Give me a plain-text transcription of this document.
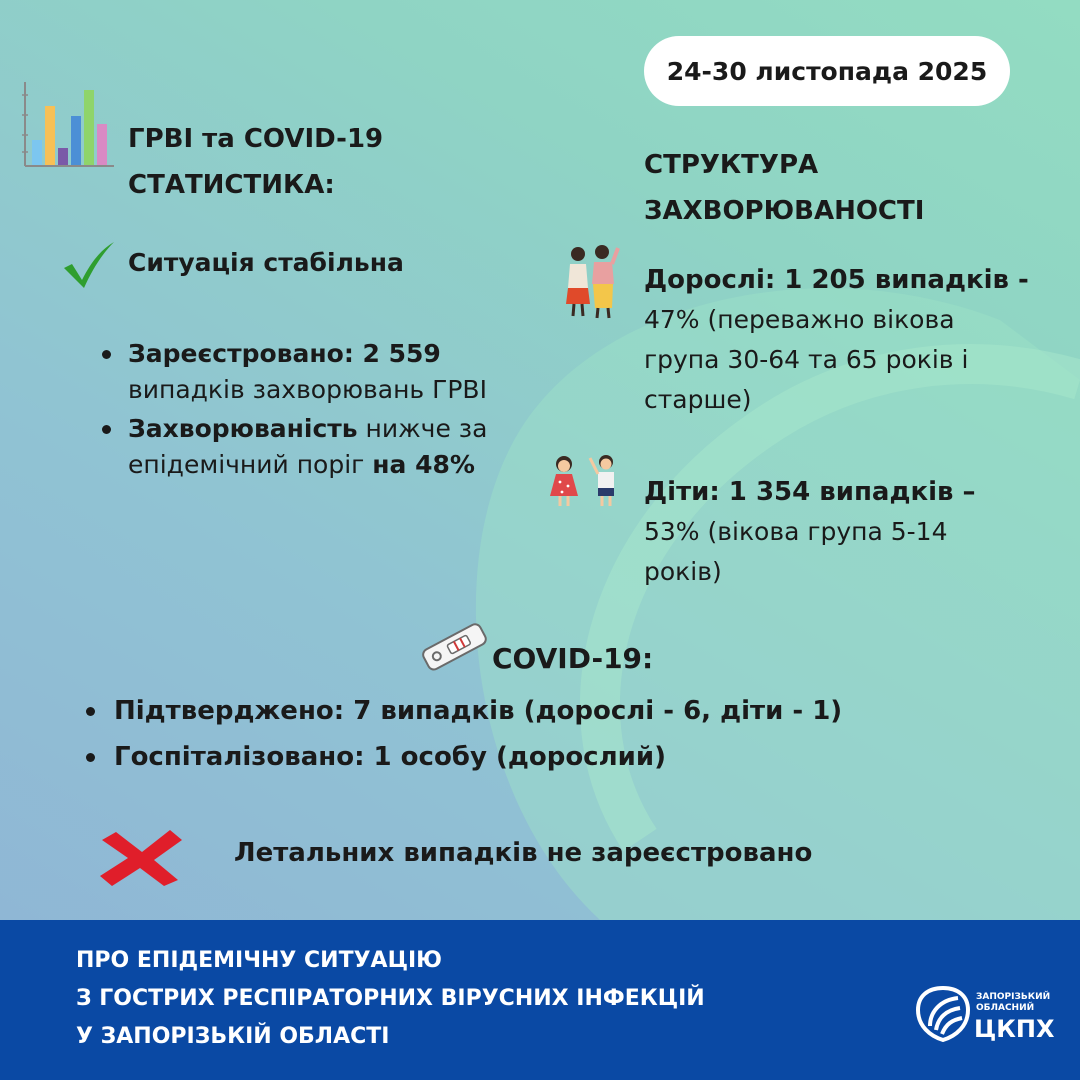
24-30 листопада 2025
ГРВІ та COVID-19
СТАТИСТИКА:
Ситуація стабільна
Зареєстровано: 2 559
випадків захворювань ГРВІ
Захворюваність нижче за епідемічний поріг на 48%
СТРУКТУРА
ЗАХВОРЮВАНОСТІ
Дорослі: 1 205 випадків -

47% (переважно вікова група 30-64 та 65 років і старше)
Діти: 1 354 випадків –

53% (вікова група 5-14 років)
COVID-19:
Підтверджено: 7 випадків (дорослі - 6, діти - 1)
Госпіталізовано: 1 особу (дорослий)
Летальних випадків не зареєстровано
ПРО ЕПІДЕМІЧНУ СИТУАЦІЮ
З ГОСТРИХ РЕСПІРАТОРНИХ ВІРУСНИХ ІНФЕКЦІЙ
У ЗАПОРІЗЬКІЙ ОБЛАСТІ
ЗАПОРІЗЬКИЙ
ОБЛАСНИЙ
ЦКПХ
